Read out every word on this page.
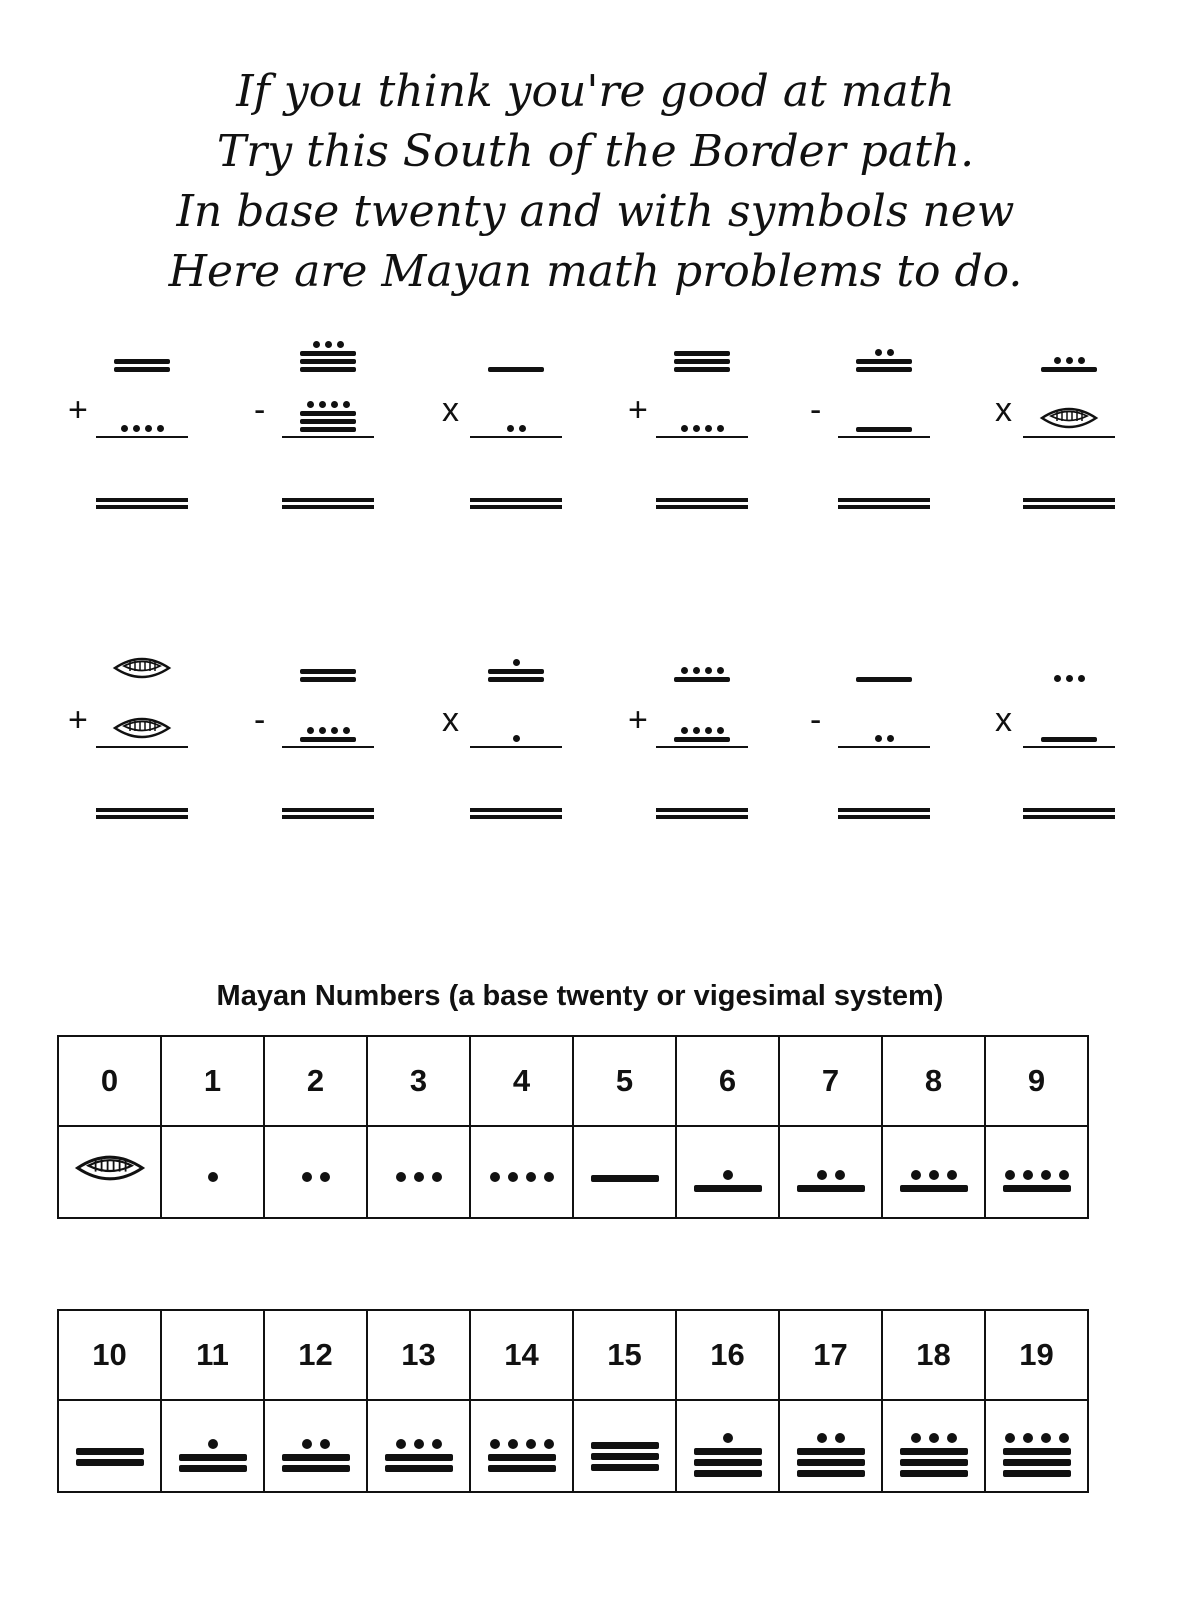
If you think you're good at math
Try this South of the Border path.
In base twenty and with symbols new
Here are Mayan math problems to do.
+	-	x	+	-	x
+	-	x	+	-	x
Mayan Numbers (a base twenty or vigesimal system)
0	1	2	3	4	5	6	7	8	9

10	11	12	13	14	15	16	17	18	19
